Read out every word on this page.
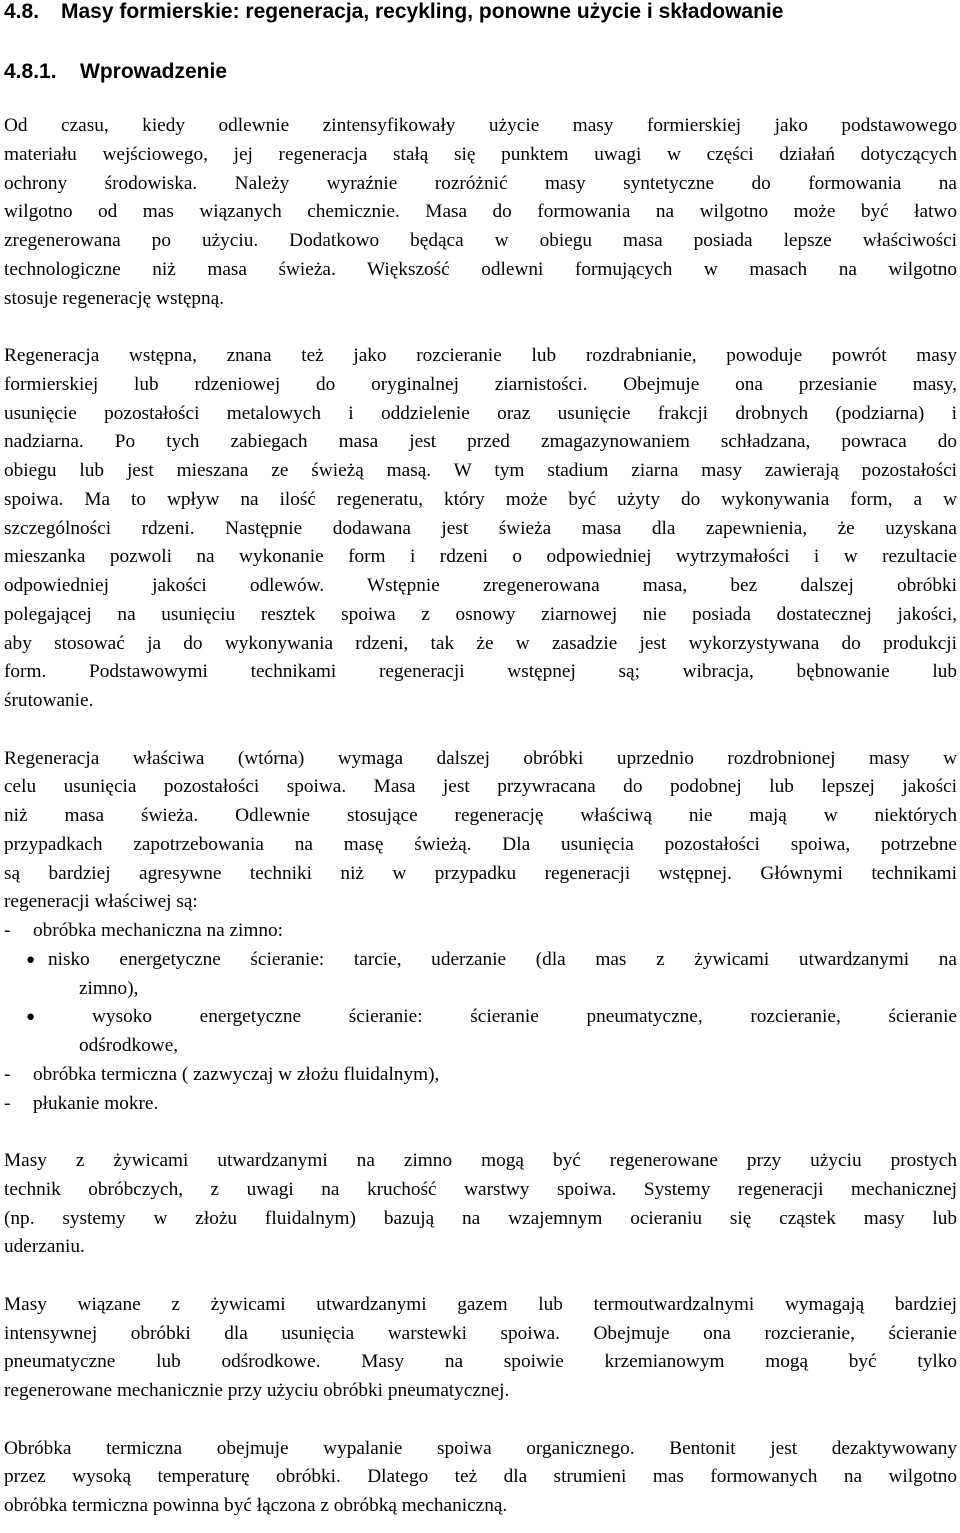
4.8. Masy formierskie: regeneracja, recykling, ponowne użycie i składowanie
4.8.1. Wprowadzenie

Od czasu, kiedy odlewnie zintensyfikowały użycie masy formierskiej jako podstawowego
materiału wejściowego, jej regeneracja stałą się punktem uwagi w części działań dotyczących
ochrony środowiska. Należy wyraźnie rozróżnić masy syntetyczne do formowania na
wilgotno od mas wiązanych chemicznie. Masa do formowania na wilgotno może być łatwo
zregenerowana po użyciu. Dodatkowo będąca w obiegu masa posiada lepsze właściwości
technologiczne niż masa świeża. Większość odlewni formujących w masach na wilgotno
stosuje regenerację wstępną.

Regeneracja wstępna, znana też jako rozcieranie lub rozdrabnianie, powoduje powrót masy
formierskiej lub rdzeniowej do oryginalnej ziarnistości. Obejmuje ona przesianie masy,
usunięcie pozostałości metalowych i oddzielenie oraz usunięcie frakcji drobnych (podziarna) i
nadziarna. Po tych zabiegach masa jest przed zmagazynowaniem schładzana, powraca do
obiegu lub jest mieszana ze świeżą masą. W tym stadium ziarna masy zawierają pozostałości
spoiwa. Ma to wpływ na ilość regeneratu, który może być użyty do wykonywania form, a w
szczególności rdzeni. Następnie dodawana jest świeża masa dla zapewnienia, że uzyskana
mieszanka pozwoli na wykonanie form i rdzeni o odpowiedniej wytrzymałości i w rezultacie
odpowiedniej jakości odlewów. Wstępnie zregenerowana masa, bez dalszej obróbki
polegającej na usunięciu resztek spoiwa z osnowy ziarnowej nie posiada dostatecznej jakości,
aby stosować ja do wykonywania rdzeni, tak że w zasadzie jest wykorzystywana do produkcji
form. Podstawowymi technikami regeneracji wstępnej są; wibracja, bębnowanie lub
śrutowanie.

Regeneracja właściwa (wtórna) wymaga dalszej obróbki uprzednio rozdrobnionej masy w
celu usunięcia pozostałości spoiwa. Masa jest przywracana do podobnej lub lepszej jakości
niż masa świeża. Odlewnie stosujące regenerację właściwą nie mają w niektórych
przypadkach zapotrzebowania na masę świeżą. Dla usunięcia pozostałości spoiwa, potrzebne
są bardziej agresywne techniki niż w przypadku regeneracji wstępnej. Głównymi technikami
regeneracji właściwej są:

- obróbka mechaniczna na zimno:
● nisko energetyczne ścieranie: tarcie, uderzanie (dla mas z żywicami utwardzanymi na
zimno),
●	wysoko energetyczne ścieranie: ścieranie pneumatyczne, rozcieranie, ścieranie
odśrodkowe,
- obróbka termiczna ( zazwyczaj w złożu fluidalnym),
- płukanie mokre.

Masy z żywicami utwardzanymi na zimno mogą być regenerowane przy użyciu prostych
technik obróbczych, z uwagi na kruchość warstwy spoiwa. Systemy regeneracji mechanicznej
(np. systemy w złożu fluidalnym) bazują na wzajemnym ocieraniu się cząstek masy lub
uderzaniu.

Masy wiązane z żywicami utwardzanymi gazem lub termoutwardzalnymi wymagają bardziej
intensywnej obróbki dla usunięcia warstewki spoiwa. Obejmuje ona rozcieranie, ścieranie
pneumatyczne lub odśrodkowe. Masy na spoiwie krzemianowym mogą być tylko
regenerowane mechanicznie przy użyciu obróbki pneumatycznej.

Obróbka termiczna obejmuje wypalanie spoiwa organicznego. Bentonit jest dezaktywowany
przez wysoką temperaturę obróbki. Dlatego też dla strumieni mas formowanych na wilgotno
obróbka termiczna powinna być łączona z obróbką mechaniczną.
